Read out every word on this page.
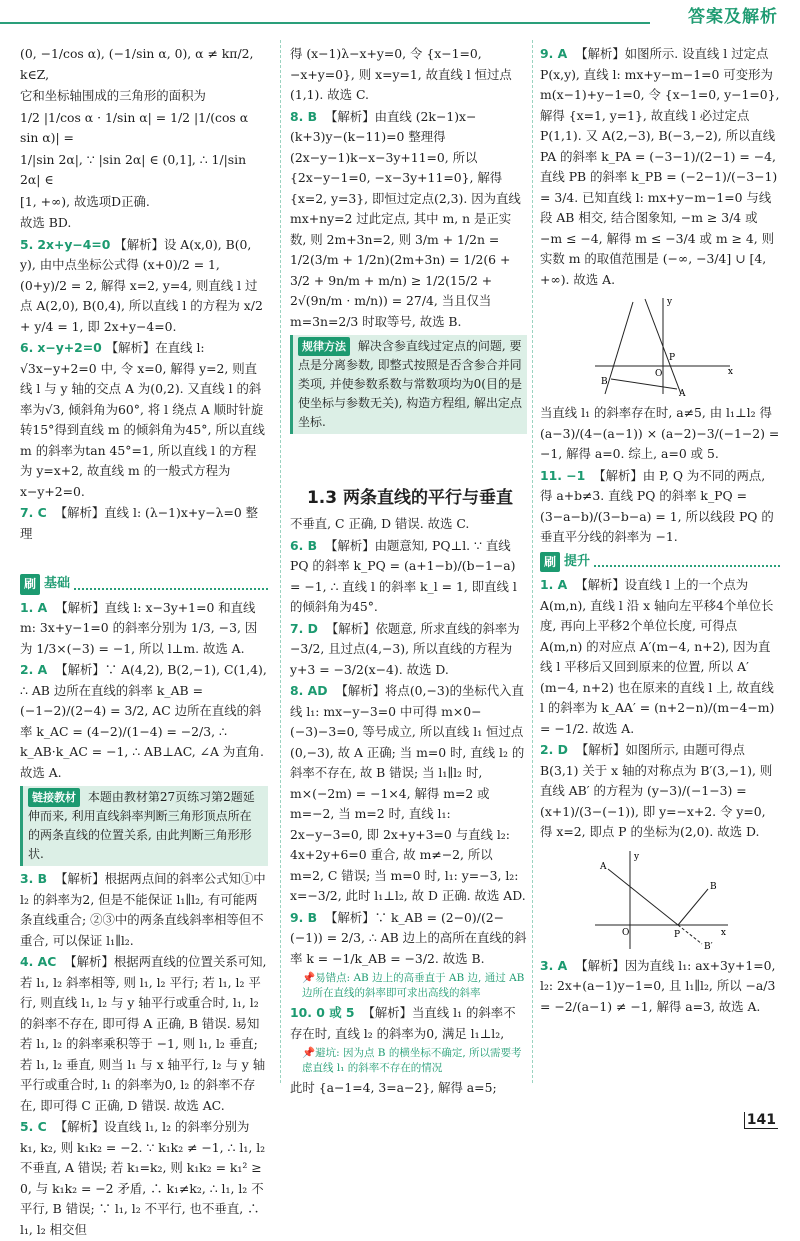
答案及解析

(0, −1/cos α), (−1/sin α, 0), α ≠ kπ/2, k∈Z,

它和坐标轴围成的三角形的面积为

1/2 |1/cos α · 1/sin α| = 1/2 |1/(cos α sin α)| =

1/|sin 2α|, ∵ |sin 2α| ∈ (0,1], ∴ 1/|sin 2α| ∈

[1, +∞), 故选项D正确.

故选 BD.

5. 2x+y−4=0 【解析】设 A(x,0), B(0, y), 由中点坐标公式得 (x+0)/2 = 1, (0+y)/2 = 2, 解得 x=2, y=4, 则直线 l 过点 A(2,0), B(0,4), 所以直线 l 的方程为 x/2 + y/4 = 1, 即 2x+y−4=0.

6. x−y+2=0 【解析】在直线 l: √3x−y+2=0 中, 令 x=0, 解得 y=2, 则直线 l 与 y 轴的交点 A 为(0,2). 又直线 l 的斜率为√3, 倾斜角为60°, 将 l 绕点 A 顺时针旋转15°得到直线 m 的倾斜角为45°, 所以直线 m 的斜率为tan 45°=1, 所以直线 l 的方程为 y=x+2, 故直线 m 的一般式方程为 x−y+2=0.

7. C 【解析】直线 l: (λ−1)x+y−λ=0 整理

刷 基础

1. A 【解析】直线 l: x−3y+1=0 和直线 m: 3x+y−1=0 的斜率分别为 1/3, −3, 因为 1/3×(−3) = −1, 所以 l⊥m. 故选 A.

2. A 【解析】∵ A(4,2), B(2,−1), C(1,4), ∴ AB 边所在直线的斜率 k_AB = (−1−2)/(2−4) = 3/2, AC 边所在直线的斜率 k_AC = (4−2)/(1−4) = −2/3, ∴ k_AB·k_AC = −1, ∴ AB⊥AC, ∠A 为直角. 故选 A.

链接教材 本题由教材第27页练习第2题延伸而来, 利用直线斜率判断三角形顶点所在的两条直线的位置关系, 由此判断三角形形状.

3. B 【解析】根据两点间的斜率公式知①中 l₂ 的斜率为2, 但是不能保证 l₁∥l₂, 有可能两条直线重合; ②③中的两条直线斜率相等但不重合, 可以保证 l₁∥l₂.

4. AC 【解析】根据两直线的位置关系可知, 若 l₁, l₂ 斜率相等, 则 l₁, l₂ 平行; 若 l₁, l₂ 平行, 则直线 l₁, l₂ 与 y 轴平行或重合时, l₁, l₂ 的斜率不存在, 即可得 A 正确, B 错误. 易知若 l₁, l₂ 的斜率乘积等于 −1, 则 l₁, l₂ 垂直; 若 l₁, l₂ 垂直, 则当 l₁ 与 x 轴平行, l₂ 与 y 轴平行或重合时, l₁ 的斜率为0, l₂ 的斜率不存在, 即可得 C 正确, D 错误. 故选 AC.

5. C 【解析】设直线 l₁, l₂ 的斜率分别为 k₁, k₂, 则 k₁k₂ = −2. ∵ k₁k₂ ≠ −1, ∴ l₁, l₂ 不垂直, A 错误; 若 k₁=k₂, 则 k₁k₂ = k₁² ≥ 0, 与 k₁k₂ = −2 矛盾, ∴ k₁≠k₂, ∴ l₁, l₂ 不平行, B 错误; ∵ l₁, l₂ 不平行, 也不垂直, ∴ l₁, l₂ 相交但

得 (x−1)λ−x+y=0, 令 {x−1=0, −x+y=0}, 则 x=y=1, 故直线 l 恒过点(1,1). 故选 C.

8. B 【解析】由直线 (2k−1)x−(k+3)y−(k−11)=0 整理得 (2x−y−1)k−x−3y+11=0, 所以 {2x−y−1=0, −x−3y+11=0}, 解得 {x=2, y=3}, 即恒过定点(2,3). 因为直线 mx+ny=2 过此定点, 其中 m, n 是正实数, 则 2m+3n=2, 则 3/m + 1/2n = 1/2(3/m + 1/2n)(2m+3n) = 1/2(6 + 3/2 + 9n/m + m/n) ≥ 1/2(15/2 + 2√(9n/m · m/n)) = 27/4, 当且仅当 m=3n=2/3 时取等号, 故选 B.

规律方法 解决含参直线过定点的问题, 要点是分离参数, 即整式按照是否含参合并同类项, 并使参数系数与常数项均为0(目的是使坐标与参数无关), 构造方程组, 解出定点坐标.
1.3 两条直线的平行与垂直

不垂直, C 正确, D 错误. 故选 C.

6. B 【解析】由题意知, PQ⊥l. ∵ 直线 PQ 的斜率 k_PQ = (a+1−b)/(b−1−a) = −1, ∴ 直线 l 的斜率 k_l = 1, 即直线 l 的倾斜角为45°.

7. D 【解析】依题意, 所求直线的斜率为 −3/2, 且过点(4,−3), 所以直线的方程为 y+3 = −3/2(x−4). 故选 D.

8. AD 【解析】将点(0,−3)的坐标代入直线 l₁: mx−y−3=0 中可得 m×0−(−3)−3=0, 等号成立, 所以直线 l₁ 恒过点(0,−3), 故 A 正确; 当 m=0 时, 直线 l₂ 的斜率不存在, 故 B 错误; 当 l₁∥l₂ 时, m×(−2m) = −1×4, 解得 m=2 或 m=−2, 当 m=2 时, 直线 l₁: 2x−y−3=0, 即 2x+y+3=0 与直线 l₂: 4x+2y+6=0 重合, 故 m≠−2, 所以 m=2, C 错误; 当 m=0 时, l₁: y=−3, l₂: x=−3/2, 此时 l₁⊥l₂, 故 D 正确. 故选 AD.

9. B 【解析】∵ k_AB = (2−0)/(2−(−1)) = 2/3, ∴ AB 边上的高所在直线的斜率 k = −1/k_AB = −3/2. 故选 B.

📌易错点: AB 边上的高垂直于 AB 边, 通过 AB 边所在直线的斜率即可求出高线的斜率

10. 0 或 5 【解析】当直线 l₁ 的斜率不存在时, 直线 l₂ 的斜率为0, 满足 l₁⊥l₂,

📌避坑: 因为点 B 的横坐标不确定, 所以需要考虑直线 l₁ 的斜率不存在的情况

此时 {a−1=4, 3=a−2}, 解得 a=5;

9. A 【解析】如图所示. 设直线 l 过定点 P(x,y), 直线 l: mx+y−m−1=0 可变形为 m(x−1)+y−1=0, 令 {x−1=0, y−1=0}, 解得 {x=1, y=1}, 故直线 l 必过定点 P(1,1). 又 A(2,−3), B(−3,−2), 所以直线 PA 的斜率 k_PA = (−3−1)/(2−1) = −4, 直线 PB 的斜率 k_PB = (−2−1)/(−3−1) = 3/4. 已知直线 l: mx+y−m−1=0 与线段 AB 相交, 结合图象知, −m ≥ 3/4 或 −m ≤ −4, 解得 m ≤ −3/4 或 m ≥ 4, 则实数 m 的取值范围是 (−∞, −3/4] ∪ [4, +∞). 故选 A.

x
y
O
P
A
B

当直线 l₁ 的斜率存在时, a≠5, 由 l₁⊥l₂ 得 (a−3)/(4−(a−1)) × (a−2)−3/(−1−2) = −1, 解得 a=0. 综上, a=0 或 5.

11. −1 【解析】由 P, Q 为不同的两点, 得 a+b≠3. 直线 PQ 的斜率 k_PQ = (3−a−b)/(3−b−a) = 1, 所以线段 PQ 的垂直平分线的斜率为 −1.

刷 提升

1. A 【解析】设直线 l 上的一个点为 A(m,n), 直线 l 沿 x 轴向左平移4个单位长度, 再向上平移2个单位长度, 可得点 A(m,n) 的对应点 A′(m−4, n+2), 因为直线 l 平移后又回到原来的位置, 所以 A′(m−4, n+2) 也在原来的直线 l 上, 故直线 l 的斜率为 k_AA′ = (n+2−n)/(m−4−m) = −1/2. 故选 A.

2. D 【解析】如图所示, 由题可得点 B(3,1) 关于 x 轴的对称点为 B′(3,−1), 则直线 AB′ 的方程为 (y−3)/(−1−3) = (x+1)/(3−(−1)), 即 y=−x+2. 令 y=0, 得 x=2, 即点 P 的坐标为(2,0). 故选 D.

x
y
O	P
A
B
B′

3. A 【解析】因为直线 l₁: ax+3y+1=0, l₂: 2x+(a−1)y−1=0, 且 l₁∥l₂, 所以 −a/3 = −2/(a−1) ≠ −1, 解得 a=3, 故选 A.

141
